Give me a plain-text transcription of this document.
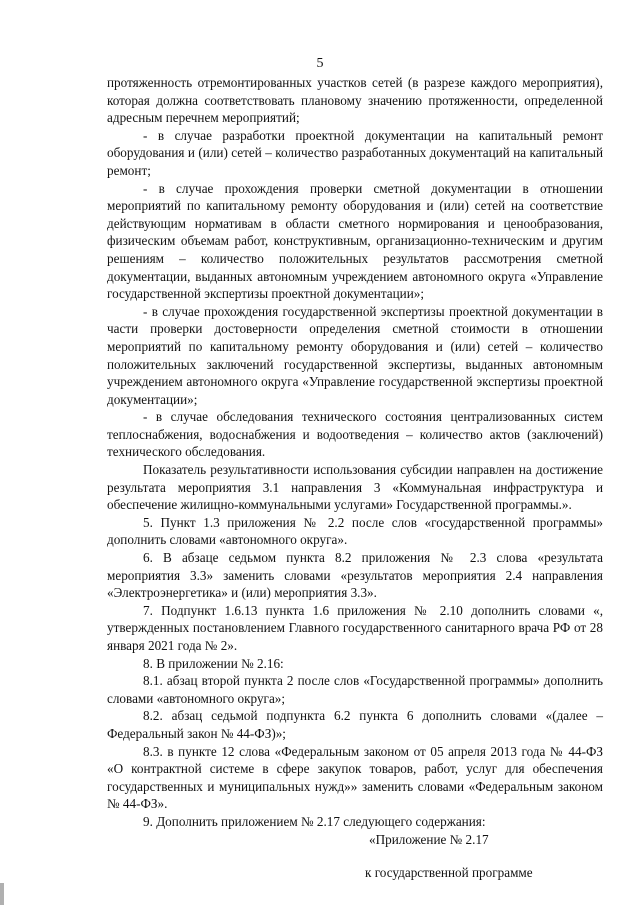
5

протяженность отремонтированных участков сетей (в разрезе каждого мероприятия), которая должна соответствовать плановому значению протяженности, определенной адресным перечнем мероприятий;

- в случае разработки проектной документации на капитальный ремонт оборудования и (или) сетей – количество разработанных документаций на капитальный ремонт;

- в случае прохождения проверки сметной документации в отношении мероприятий по капитальному ремонту оборудования и (или) сетей на соответствие действующим нормативам в области сметного нормирования и ценообразования, физическим объемам работ, конструктивным, организационно-техническим и другим решениям – количество положительных результатов рассмотрения сметной документации, выданных автономным учреждением автономного округа «Управление государственной экспертизы проектной документации»;

- в случае прохождения государственной экспертизы проектной документации в части проверки достоверности определения сметной стоимости в отношении мероприятий по капитальному ремонту оборудования и (или) сетей – количество положительных заключений государственной экспертизы, выданных автономным учреждением автономного округа «Управление государственной экспертизы проектной документации»;

- в случае обследования технического состояния централизованных систем теплоснабжения, водоснабжения и водоотведения – количество актов (заключений) технического обследования.

Показатель результативности использования субсидии направлен на достижение результата мероприятия 3.1 направления 3 «Коммунальная инфраструктура и обеспечение жилищно-коммунальными услугами» Государственной программы.».

5. Пункт 1.3 приложения № 2.2 после слов «государственной программы» дополнить словами «автономного округа».

6. В абзаце седьмом пункта 8.2 приложения № 2.3 слова «результата мероприятия 3.3» заменить словами «результатов мероприятия 2.4 направления «Электроэнергетика» и (или) мероприятия 3.3».

7. Подпункт 1.6.13 пункта 1.6 приложения № 2.10 дополнить словами «, утвержденных постановлением Главного государственного санитарного врача РФ от 28 января 2021 года № 2».

8. В приложении № 2.16:

8.1. абзац второй пункта 2 после слов «Государственной программы» дополнить словами «автономного округа»;

8.2. абзац седьмой подпункта 6.2 пункта 6 дополнить словами «(далее – Федеральный закон № 44-ФЗ)»;

8.3. в пункте 12 слова «Федеральным законом от 05 апреля 2013 года № 44-ФЗ «О контрактной системе в сфере закупок товаров, работ, услуг для обеспечения государственных и муниципальных нужд»» заменить словами «Федеральным законом № 44-ФЗ».

9. Дополнить приложением № 2.17 следующего содержания:

«Приложение № 2.17

к государственной программе
